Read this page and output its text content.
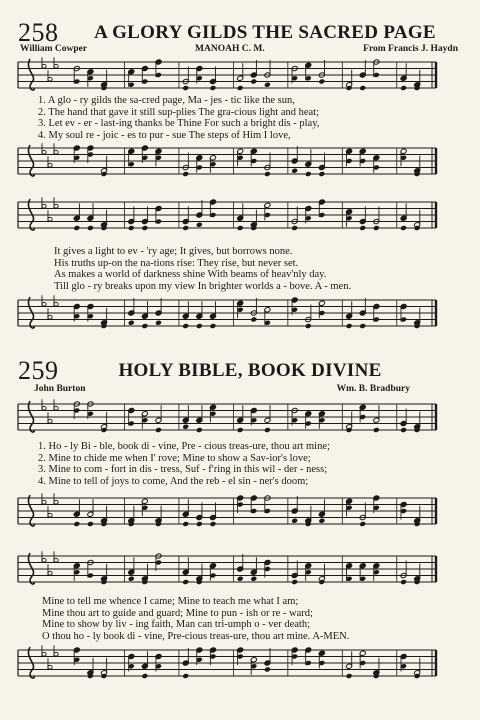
258	A GLORY GILDS THE SACRED PAGE
William Cowper	MANOAH C. M.	From Francis J. Haydn
1. A glo - ry gilds the sa-cred page, Ma - jes - tic like the sun,
2. The hand that gave it still sup-plies The gra-cious light and heat;
3. Let ev - er - last-ing thanks be Thine For such a bright dis - play,
4. My soul re - joic - es to pur - sue The steps of Him I love,
It gives a light to ev - 'ry age; It gives, but borrows none.
His truths up-on the na-tions rise: They rise, but never set.
As makes a world of darkness shine With beams of heav'nly day.
Till glo - ry breaks upon my view In brighter worlds a - bove. A - men.
259	HOLY BIBLE, BOOK DIVINE
John Burton	Wm. B. Bradbury
1. Ho - ly Bi - ble, book di - vine, Pre - cious treas-ure, thou art mine;
2. Mine to chide me when I' rove; Mine to show a Sav-ior's love;
3. Mine to com - fort in dis - tress, Suf - f'ring in this wil - der - ness;
4. Mine to tell of joys to come, And the reb - el sin - ner's doom;
Mine to tell me whence I came; Mine to teach me what I am;
Mine thou art to guide and guard; Mine to pun - ish or re - ward;
Mine to show by liv - ing faith, Man can tri-umph o - ver death;
O thou ho - ly book di - vine, Pre-cious treas-ure, thou art mine. A-MEN.
